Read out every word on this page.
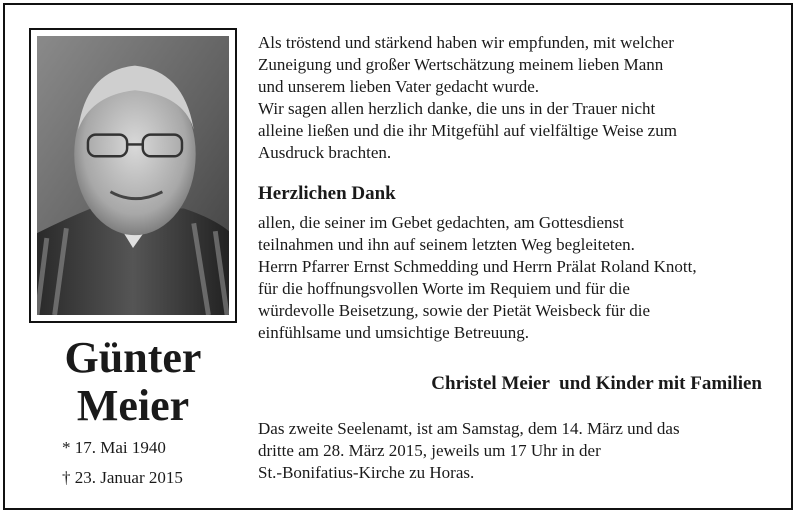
Günter
Meier
* 17. Mai 1940
† 23. Januar 2015
Als tröstend und stärkend haben wir empfunden, mit welcher
Zuneigung und großer Wertschätzung meinem lieben Mann
und unserem lieben Vater gedacht wurde.
Wir sagen allen herzlich danke, die uns in der Trauer nicht
alleine ließen und die ihr Mitgefühl auf vielfältige Weise zum
Ausdruck brachten.
Herzlichen Dank
allen, die seiner im Gebet gedachten, am Gottesdienst
teilnahmen und ihn auf seinem letzten Weg begleiteten.
Herrn Pfarrer Ernst Schmedding und Herrn Prälat Roland Knott,
für die hoffnungsvollen Worte im Requiem und für die
würdevolle Beisetzung, sowie der Pietät Weisbeck für die
einfühlsame und umsichtige Betreuung.
Christel Meier  und Kinder mit Familien
Das zweite Seelenamt, ist am Samstag, dem 14. März und das
dritte am 28. März 2015, jeweils um 17 Uhr in der
St.-Bonifatius-Kirche zu Horas.
